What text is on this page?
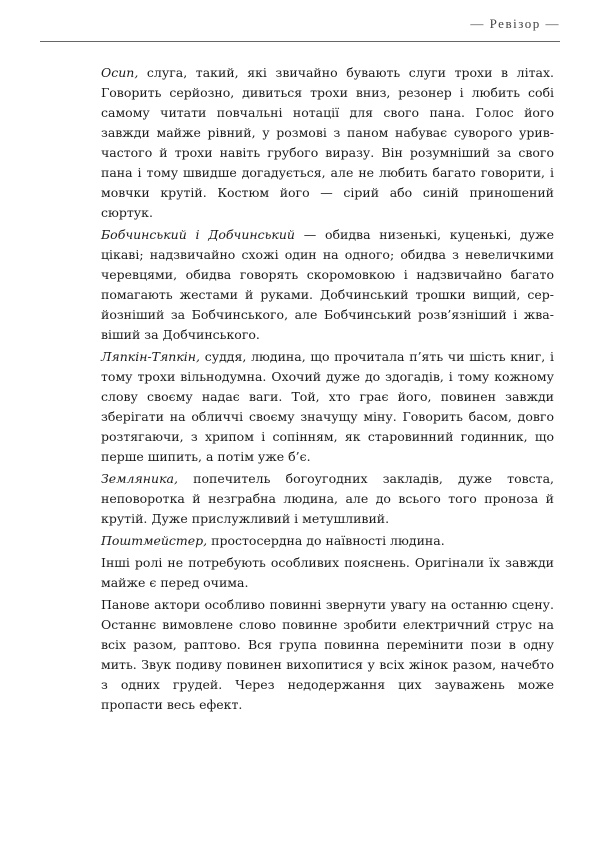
— Ревізор —

Осип, слуга, такий, які звичайно бувають слуги трохи в літах. Говорить серйозно, дивиться трохи вниз, резонер і любить собі самому читати повчальні нотації для свого пана. Голос його завжди майже рівний, у розмові з паном набуває суворого уривчастого й трохи навіть грубого виразу. Він розумніший за свого пана і тому швидше догадується, але не любить багато говорити, і мовчки крутій. Костюм його — сірий або синій приношений сюртук.

Бобчинський і Добчинський — обидва низенькі, куценькі, дуже цікаві; надзвичайно схожі один на одного; обидва з невеличкими черевцями, обидва говорять скоромовкою і надзвичайно багато помагають жестами й руками. Добчинський трошки вищий, серйозніший за Бобчинського, але Бобчинський розв’язніший і жвавіший за Добчинського.

Ляпкін-Тяпкін, суддя, людина, що прочитала п’ять чи шість книг, і тому трохи вільнодумна. Охочий дуже до здогадів, і тому кожному слову своєму надає ваги. Той, хто грає його, повинен завжди зберігати на обличчі своєму значущу міну. Говорить басом, довго розтягаючи, з хрипом і сопінням, як старовинний годинник, що перше шипить, а потім уже б’є.

Земляника, попечитель богоугодних закладів, дуже товста, неповоротка й незграбна людина, але до всього того проноза й крутій. Дуже прислужливий і метушливий.

Поштмейстер, простосердна до наївності людина.

Інші ролі не потребують особливих пояснень. Оригінали їх завжди майже є перед очима.

Панове актори особливо повинні звернути увагу на останню сцену. Останнє вимовлене слово повинне зробити електричний струс на всіх разом, раптово. Вся група повинна перемінити пози в одну мить. Звук подиву повинен вихопитися у всіх жінок разом, начебто з одних грудей. Через недодержання цих зауважень може пропасти весь ефект.
